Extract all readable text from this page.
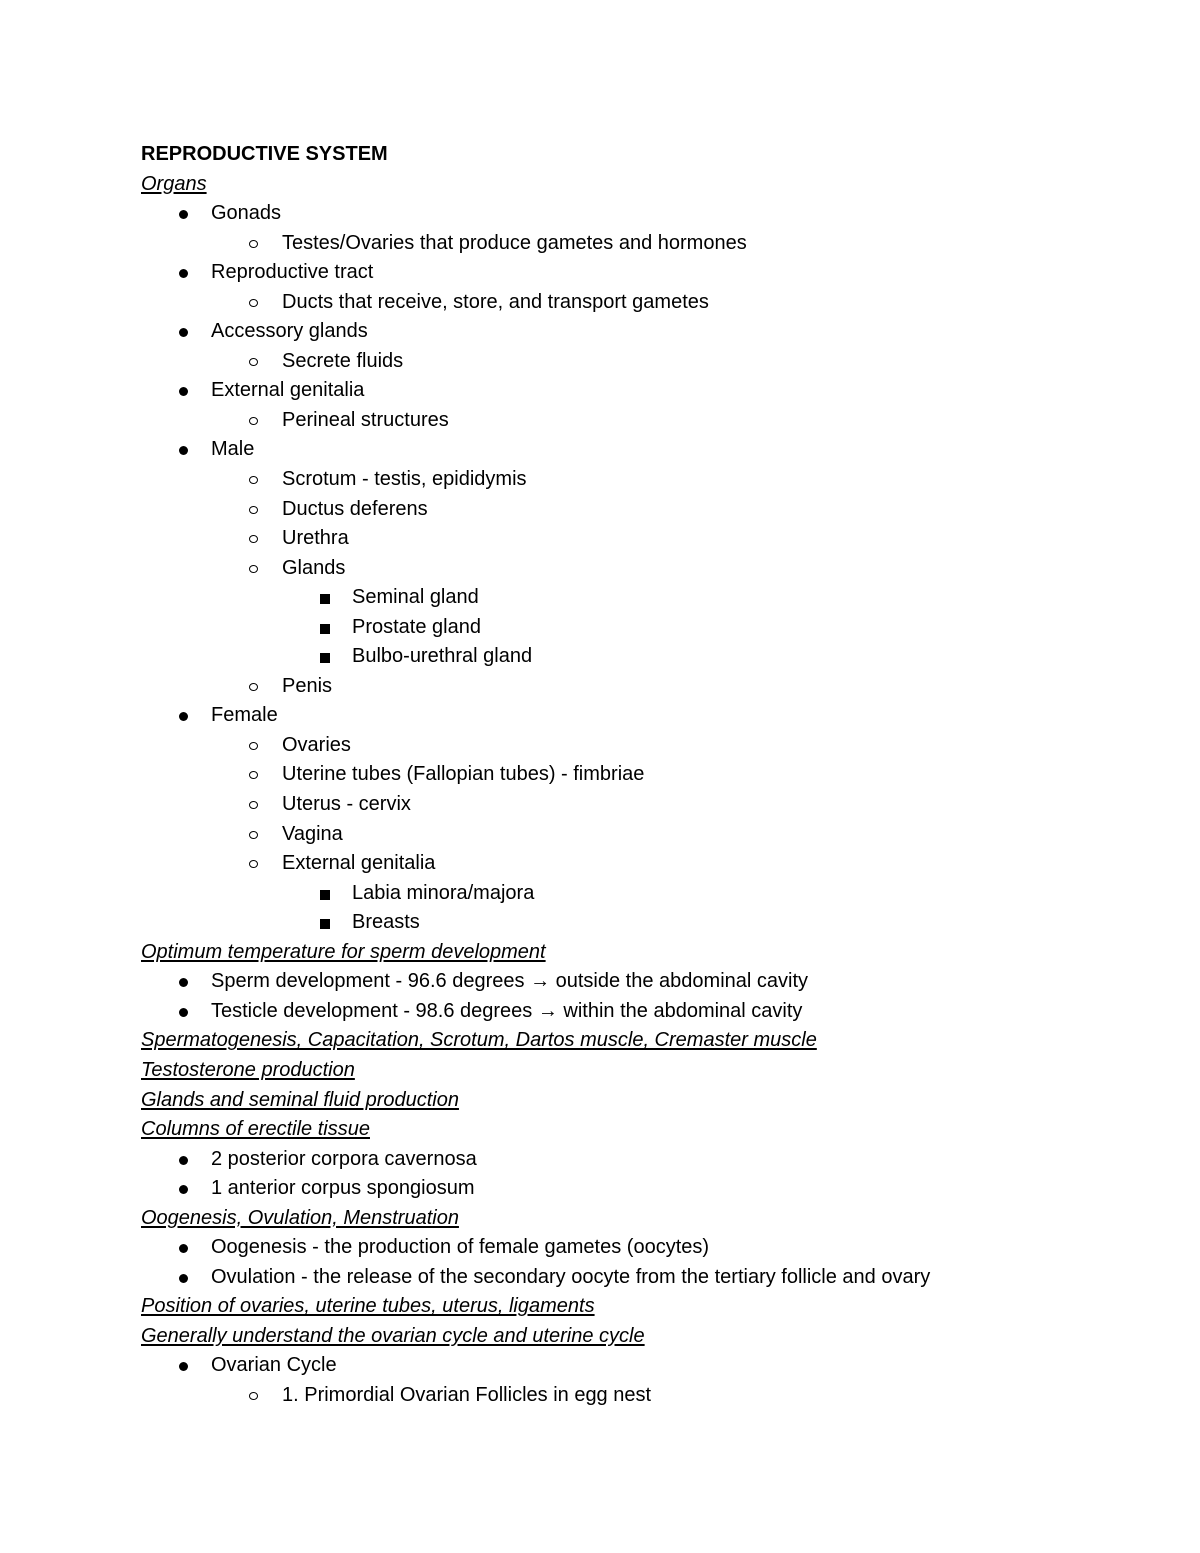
REPRODUCTIVE SYSTEM
Organs
Gonads
Testes/Ovaries that produce gametes and hormones
Reproductive tract
Ducts that receive, store, and transport gametes
Accessory glands
Secrete fluids
External genitalia
Perineal structures
Male
Scrotum - testis, epididymis
Ductus deferens
Urethra
Glands
Seminal gland
Prostate gland
Bulbo-urethral gland
Penis
Female
Ovaries
Uterine tubes (Fallopian tubes) - fimbriae
Uterus - cervix
Vagina
External genitalia
Labia minora/majora
Breasts
Optimum temperature for sperm development
Sperm development - 96.6 degrees → outside the abdominal cavity
Testicle development - 98.6 degrees → within the abdominal cavity
Spermatogenesis, Capacitation, Scrotum, Dartos muscle, Cremaster muscle
Testosterone production
Glands and seminal fluid production
Columns of erectile tissue
2 posterior corpora cavernosa
1 anterior corpus spongiosum
Oogenesis, Ovulation, Menstruation
Oogenesis - the production of female gametes (oocytes)
Ovulation - the release of the secondary oocyte from the tertiary follicle and ovary
Position of ovaries, uterine tubes, uterus, ligaments
Generally understand the ovarian cycle and uterine cycle
Ovarian Cycle
1. Primordial Ovarian Follicles in egg nest
